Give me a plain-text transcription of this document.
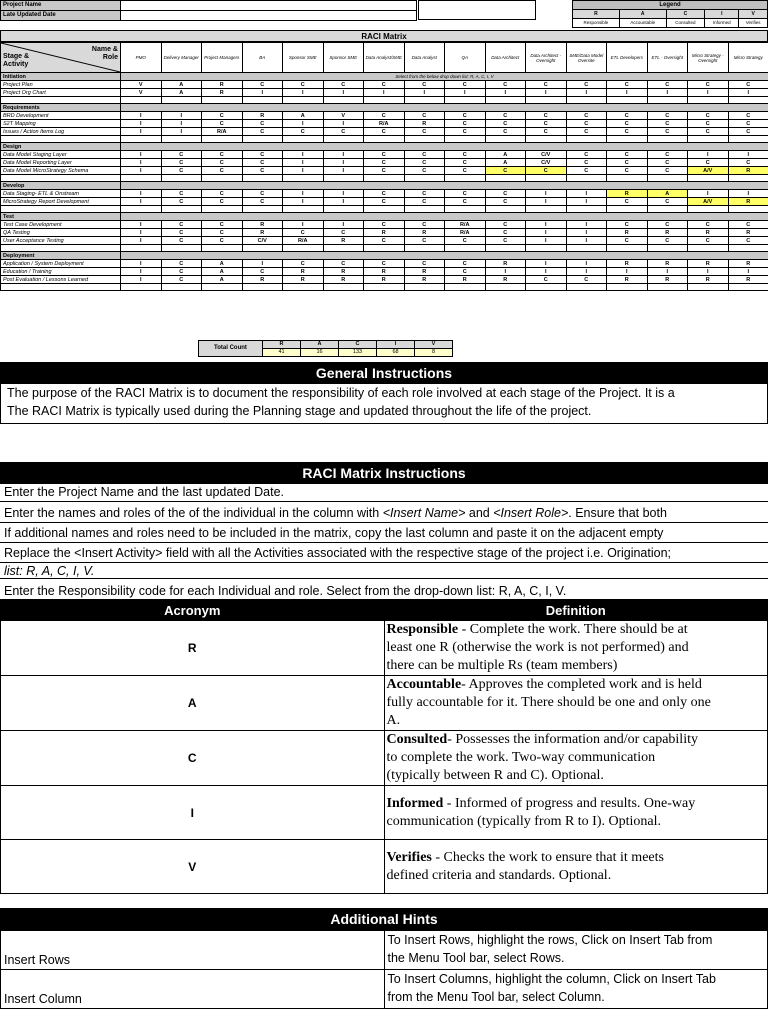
Project Name	
Late Updated Date	
Legend				
R	A	C	I	V
Responsible	Accountable	Consulted	Informed	Verifies
RACI Matrix
Name &
Role
Stage &
Activity	PMO	Delivery Manager	Project Managers	BA	Sponsor SME	Sponsor SME	Data Analyst/SME	Data Analyst	QA	Data Architect	Data Architect - Oversight	SME/Data Model Oversite	ETL Developers	ETL - Oversight	Micro Strategy - Oversight	Micro Strategy
Initiation	Select from the below drop down list: R, A, C, I, V															
Project Plan	V	A	R	C	C	C	C	C	C	C	C	C	C	C	C	C
Project Org Chart	V	A	R	I	I	I	I	I	I	I	I	I	I	I	I	I

Requirements																
BRD Development	I	I	C	R	A	V	C	C	C	C	C	C	C	C	C	C
S2T Mapping	I	I	C	C	I	I	R/A	R	C	C	C	C	C	C	C	C
Issues / Action Items Log	I	I	R/A	C	C	C	C	C	C	C	C	C	C	C	C	C

Design																
Data Model Staging Layer	I	C	C	C	I	I	C	C	C	A	C/V	C	C	C	I	I
Data Model Reporting Layer	I	C	C	C	I	I	C	C	C	A	C/V	C	C	C	C	C
Data Model MicroStrategy Schema	I	C	C	C	I	I	C	C	C	C	C	C	C	C	A/V	R

Develop																
Data Staging- ETL & Onstream	I	C	C	C	I	I	C	C	C	C	I	I	R	A	I	I
MicroStrategy Report Development	I	C	C	C	I	I	C	C	C	C	I	I	C	C	A/V	R

Test																
Test Case Development	I	C	C	R	I	I	C	C	R/A	C	I	I	C	C	C	C
QA Testing	I	C	C	R	C	C	R	R	R/A	C	I	I	R	R	R	R
User Acceptance Testing	I	C	C	C/V	R/A	R	C	C	C	C	I	I	C	C	C	C

Deployment																
Application / System Deployment	I	C	A	I	C	C	C	C	C	R	I	I	R	R	R	R
Education / Training	I	C	A	C	R	R	R	R	C	I	I	I	I	I	I	I
Post Evaluation / Lessons Learned	I	C	A	R	R	R	R	R	R	R	C	C	R	R	R	R

Total Count	R	A	C	I	V
	41	16	133	68	8
General Instructions
The purpose of the RACI Matrix is to document the responsibility of each role involved at each stage of the Project. It is a
The RACI Matrix is typically used during the Planning stage and updated throughout the life of the project.
RACI Matrix Instructions
Enter the Project Name and the last updated Date.
Enter the names and roles of the of the individual in the column with <Insert Name> and <Insert Role>. Ensure that both
If additional names and roles need to be included in the matrix, copy the last column and paste it on the adjacent empty
Replace the <Insert Activity> field with all the Activities associated with the respective stage of the project i.e. Origination;
list: R, A, C, I, V.
Enter the Responsibility code for each Individual and role. Select from the drop-down list: R, A, C, I, V.
Acronym	Definition
R	Responsible - Complete the work. There should be at
least one R (otherwise the work is not performed) and
there can be multiple Rs (team members)

A	Accountable- Approves the completed work and is held
fully accountable for it. There should be one and only one
A.

C	Consulted- Possesses the information and/or capability
to complete the work. Two-way communication
(typically between R and C). Optional.

I	Informed - Informed of progress and results. One-way
communication (typically from R to I). Optional.

V	Verifies - Checks the work to ensure that it meets
defined criteria and standards. Optional.
Additional Hints
Insert Rows	To Insert Rows, highlight the rows, Click on Insert Tab from
the Menu Tool bar, select Rows.

Insert Column	To Insert Columns, highlight the column, Click on Insert Tab
from the Menu Tool bar, select Column.
